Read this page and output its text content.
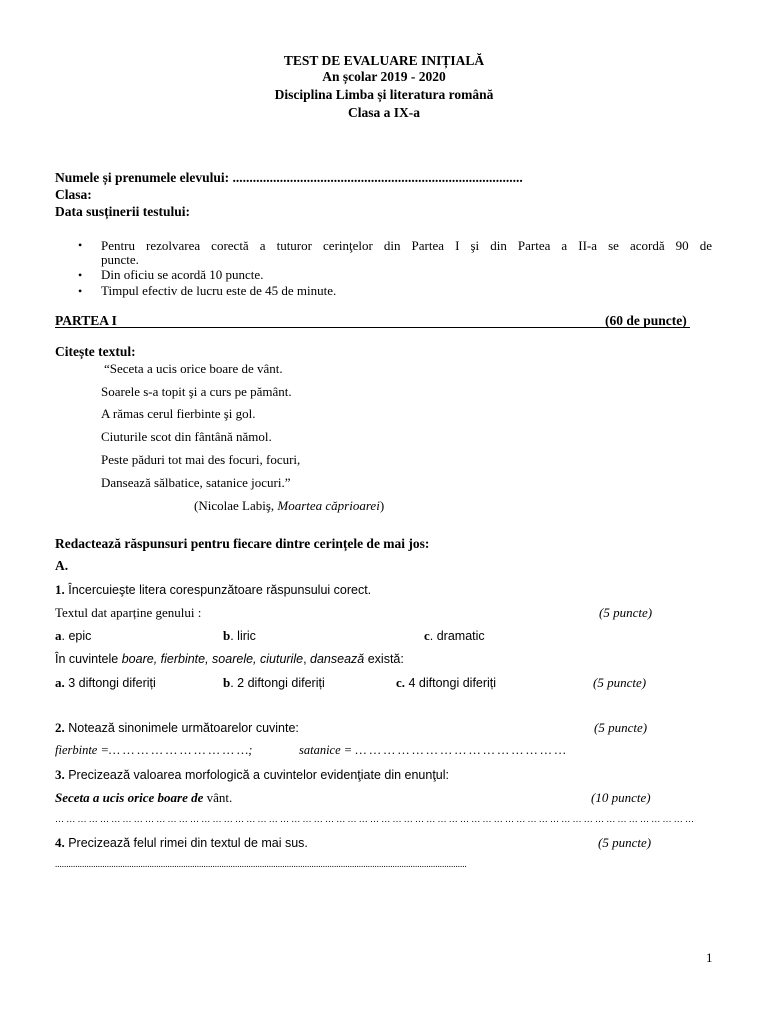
TEST DE EVALUARE INIȚIALĂ
An școlar 2019 - 2020
Disciplina Limba și literatura română
Clasa a IX-a
Numele și prenumele elevului: ......................................................................................
Clasa:
Data susținerii testului:
• Pentru rezolvarea corectă a tuturor cerinţelor din Partea I şi din Partea a II-a se acordă 90 de
puncte.
• Din oficiu se acordă 10 puncte.
• Timpul efectiv de lucru este de 45 de minute.
PARTEA I	(60 de puncte)
Citește textul:
“Seceta a ucis orice boare de vânt.
Soarele s-a topit şi a curs pe pământ.
A rămas cerul fierbinte şi gol.
Ciuturile scot din fântână nămol.
Peste păduri tot mai des focuri, focuri,
Dansează sălbatice, satanice jocuri.”
(Nicolae Labiş, Moartea căprioarei)
Redactează răspunsuri pentru fiecare dintre cerințele de mai jos:
A.
1. Încercuieşte litera corespunzătoare răspunsului corect.
Textul dat aparține genului :	(5 puncte)
a. epic	b. liric	c. dramatic
În cuvintele boare, fierbinte, soarele, ciuturile, dansează există:
a. 3 diftongi diferiți	b. 2 diftongi diferiți	c. 4 diftongi diferiți	(5 puncte)
2. Notează sinonimele următoarelor cuvinte:	(5 puncte)
fierbinte =… … … … … … … … … …;	satanice = … … … … … … … … … … … … … … …
3. Precizează valoarea morfologică a cuvintelor evidenţiate din enunţul:
Seceta a ucis orice boare de vânt.	(10 puncte)
… … … … … … … … … … … … … … … … … … … … … … … … … … … … … … … … … … … … … … … … … … … … … … … … … … … … … … … … …
4. Precizează felul rimei din textul de mai sus.	(5 puncte)
.......................................................................................................................................................................................
1
